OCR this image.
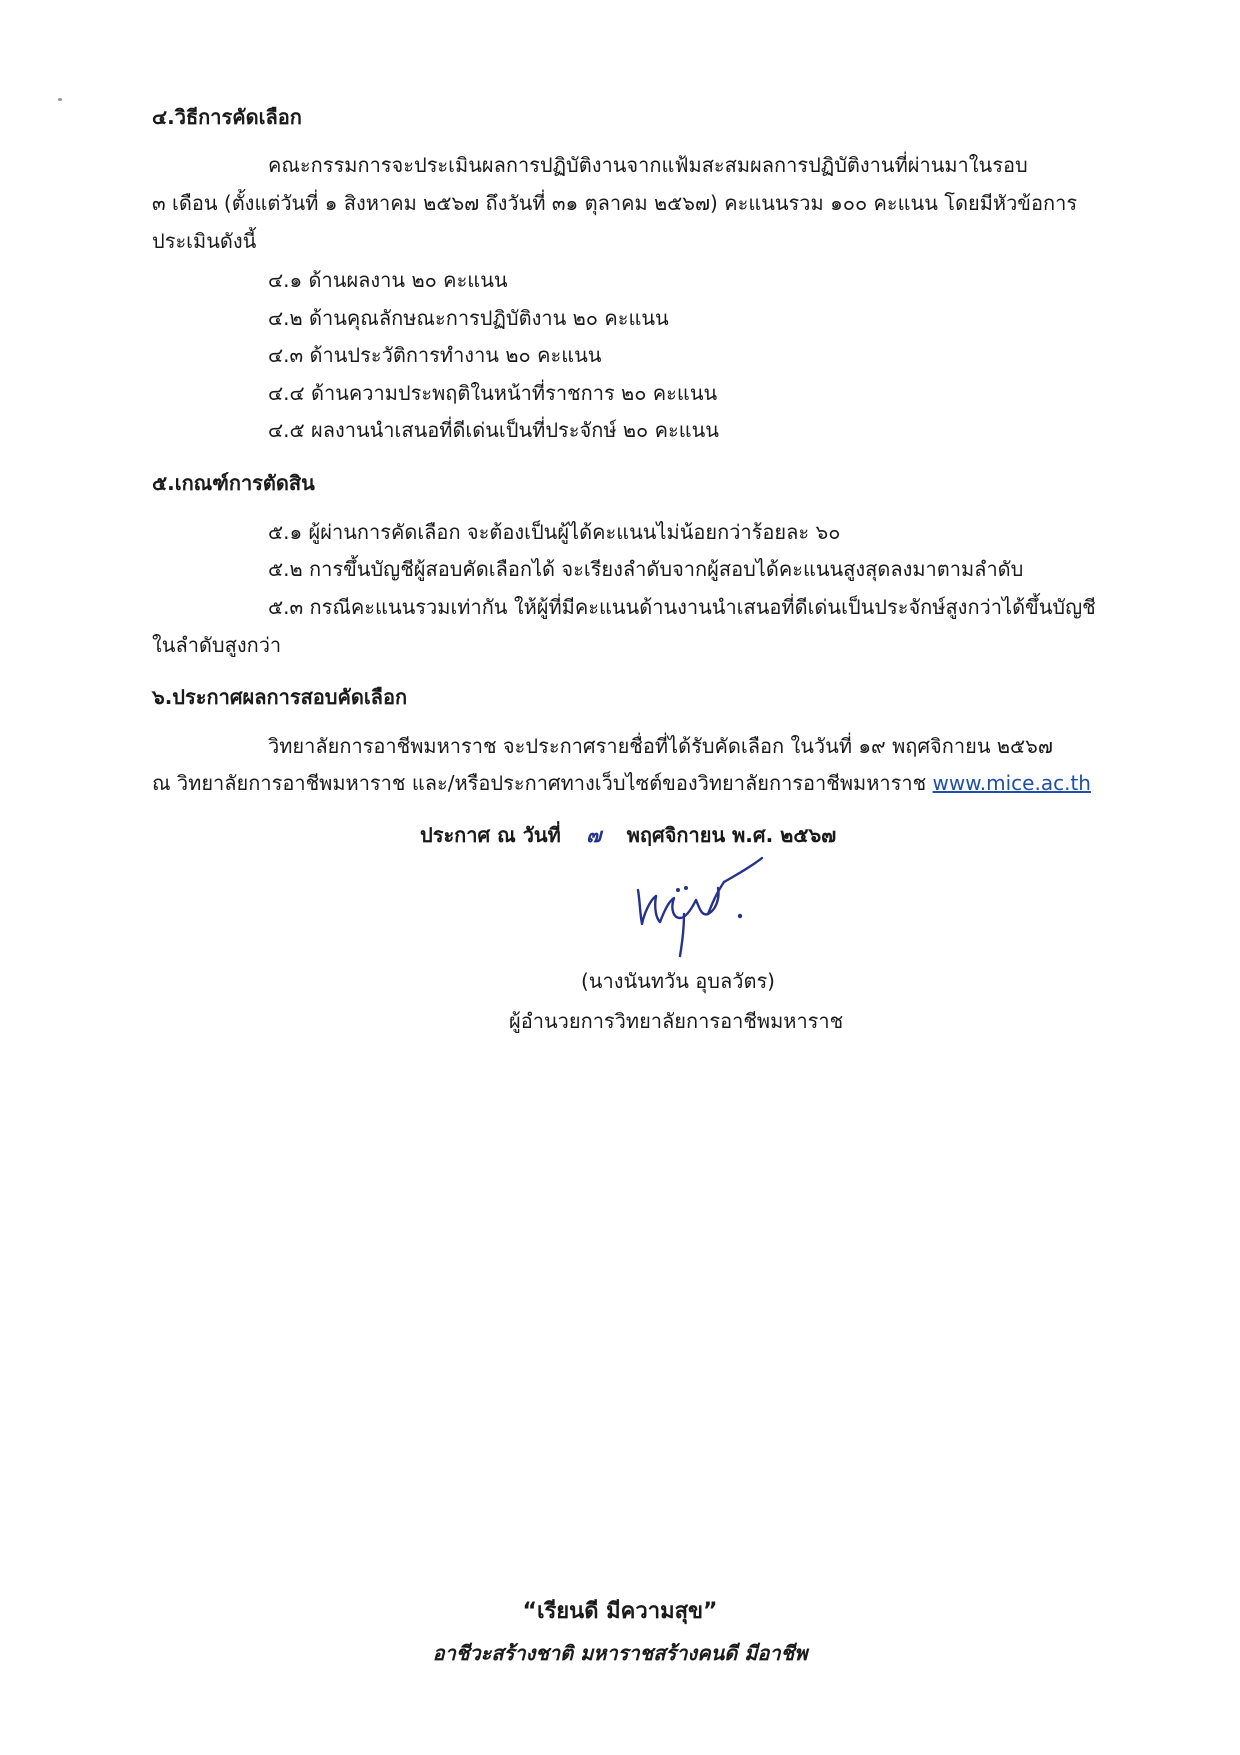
๔.วิธีการคัดเลือก
คณะกรรมการจะประเมินผลการปฏิบัติงานจากแฟ้มสะสมผลการปฏิบัติงานที่ผ่านมาในรอบ
๓ เดือน (ตั้งแต่วันที่ ๑ สิงหาคม ๒๕๖๗ ถึงวันที่ ๓๑ ตุลาคม ๒๕๖๗) คะแนนรวม ๑๐๐ คะแนน โดยมีหัวข้อการ
ประเมินดังนี้
๔.๑ ด้านผลงาน ๒๐ คะแนน
๔.๒ ด้านคุณลักษณะการปฏิบัติงาน ๒๐ คะแนน
๔.๓ ด้านประวัติการทำงาน ๒๐ คะแนน
๔.๔ ด้านความประพฤติในหน้าที่ราชการ ๒๐ คะแนน
๔.๕ ผลงานนำเสนอที่ดีเด่นเป็นที่ประจักษ์ ๒๐ คะแนน
๕.เกณฑ์การตัดสิน
๕.๑ ผู้ผ่านการคัดเลือก จะต้องเป็นผู้ได้คะแนนไม่น้อยกว่าร้อยละ ๖๐
๕.๒ การขึ้นบัญชีผู้สอบคัดเลือกได้ จะเรียงลำดับจากผู้สอบได้คะแนนสูงสุดลงมาตามลำดับ
๕.๓ กรณีคะแนนรวมเท่ากัน ให้ผู้ที่มีคะแนนด้านงานนำเสนอที่ดีเด่นเป็นประจักษ์สูงกว่าได้ขึ้นบัญชี
ในลำดับสูงกว่า
๖.ประกาศผลการสอบคัดเลือก
วิทยาลัยการอาชีพมหาราช จะประกาศรายชื่อที่ได้รับคัดเลือก ในวันที่ ๑๙ พฤศจิกายน ๒๕๖๗
ณ วิทยาลัยการอาชีพมหาราช และ/หรือประกาศทางเว็บไซต์ของวิทยาลัยการอาชีพมหาราช www.mice.ac.th
ประกาศ ณ วันที่ ๗ พฤศจิกายน พ.ศ. ๒๕๖๗
(นางนันทวัน อุบลวัตร)
ผู้อำนวยการวิทยาลัยการอาชีพมหาราช
“เรียนดี มีความสุข”
อาชีวะสร้างชาติ มหาราชสร้างคนดี มีอาชีพ
